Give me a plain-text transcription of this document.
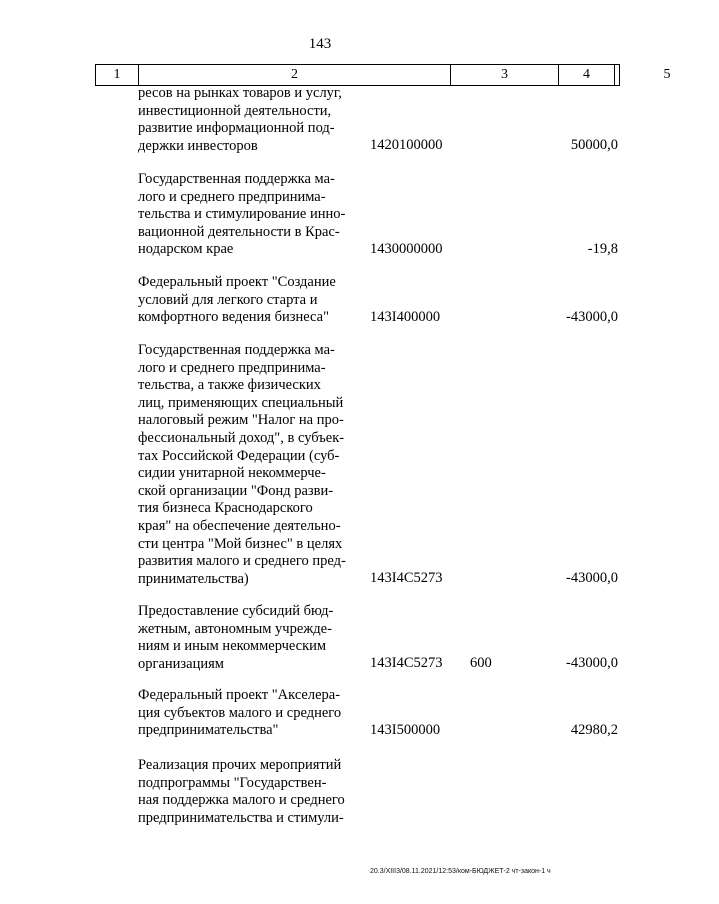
143
1	2	3	4	5
ресов на рынках товаров и услуг,
инвестиционной деятельности,
развитие информационной под-
держки инвесторов	1420100000	50000,0
Государственная поддержка ма-
лого и среднего предпринима-
тельства и стимулирование инно-
вационной деятельности в Крас-
нодарском крае	1430000000	-19,8
Федеральный проект "Создание
условий для легкого старта и
комфортного ведения бизнеса"	143I400000	-43000,0
Государственная поддержка ма-
лого и среднего предпринима-
тельства, а также физических
лиц, применяющих специальный
налоговый режим "Налог на про-
фессиональный доход", в субъек-
тах Российской Федерации (суб-
сидии унитарной некоммерче-
ской организации "Фонд разви-
тия бизнеса Краснодарского
края" на обеспечение деятельно-
сти центра "Мой бизнес" в целях
развития малого и среднего пред-
принимательства)	143I4C5273	-43000,0
Предоставление субсидий бюд-
жетным, автономным учрежде-
ниям и иным некоммерческим
организациям	143I4C5273	600	-43000,0
Федеральный проект "Акселера-
ция субъектов малого и среднего
предпринимательства"	143I500000	42980,2
Реализация прочих мероприятий
подпрограммы "Государствен-
ная поддержка малого и среднего
предпринимательства и стимули-
20.3/XIII3/08.11.2021/12:53/ком-БЮДЖЕТ-2 чт-закон-1 ч
